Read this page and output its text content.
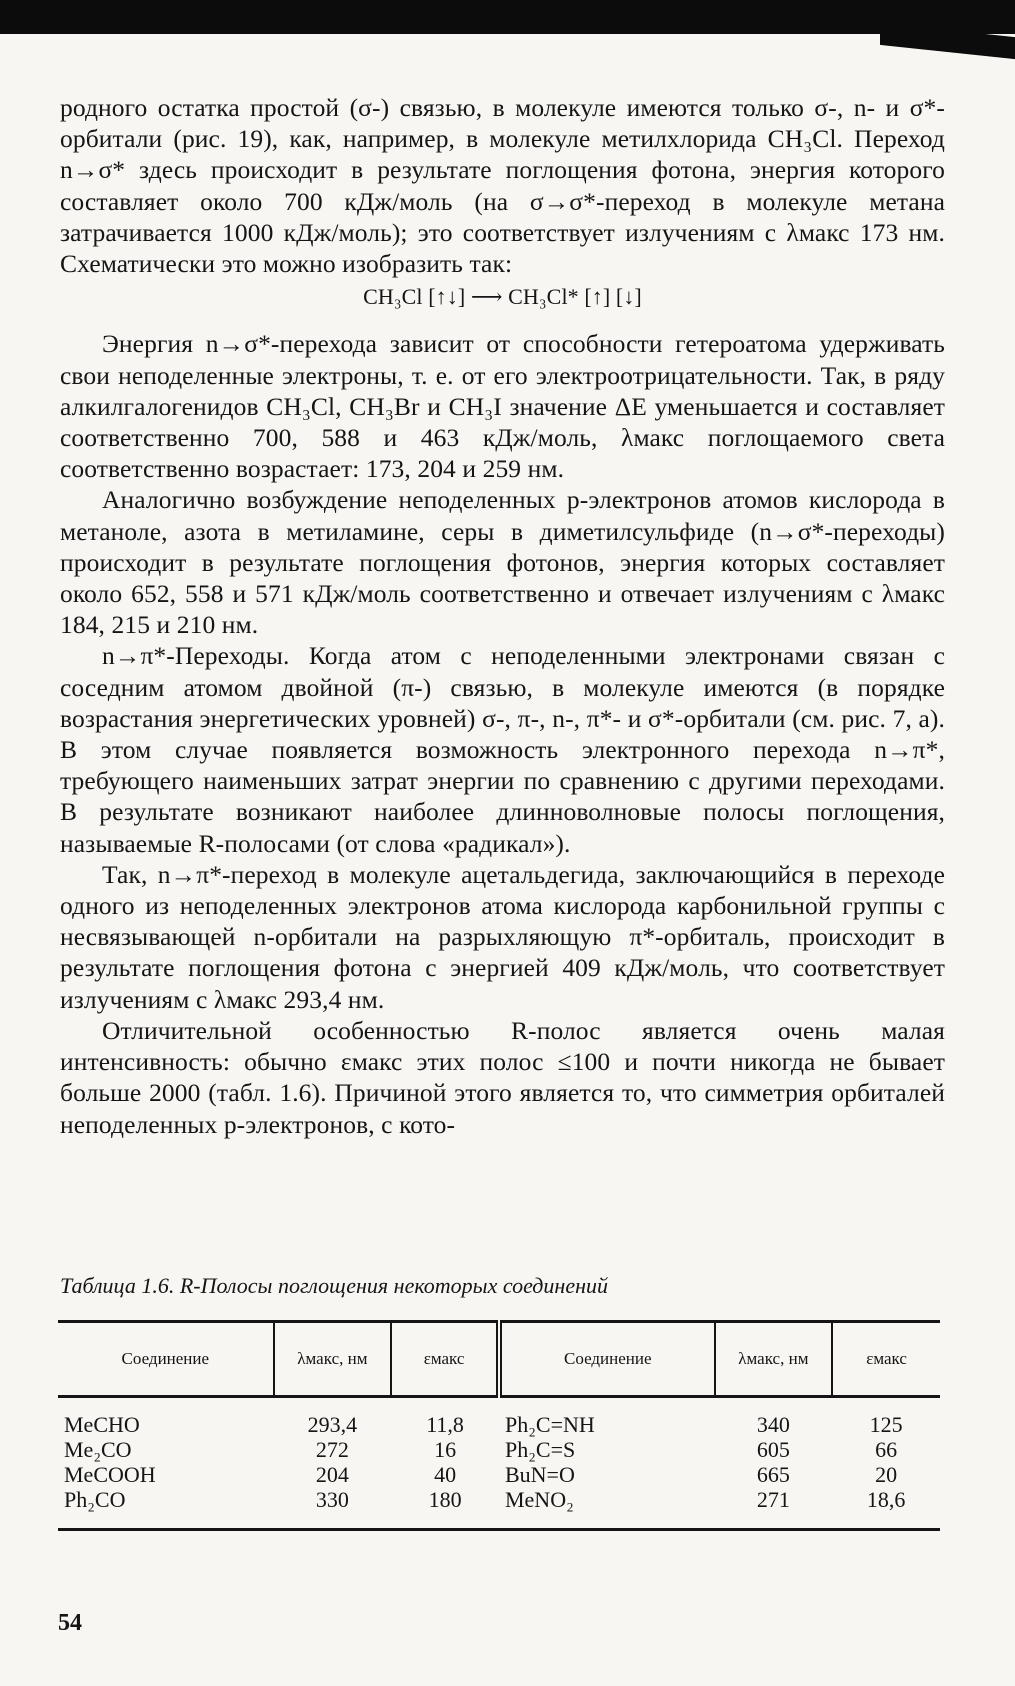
родного остатка простой (σ-) связью, в молекуле имеются только σ-, n- и σ*-орбитали (рис. 19), как, например, в молекуле метилхлорида CH₃Cl. Переход n→σ* здесь происходит в результате поглощения фотона, энергия которого составляет около 700 кДж/моль (на σ→σ*-переход в молекуле метана затрачивается 1000 кДж/моль); это соответствует излучениям с λмакс 173 нм. Схематически это можно изобразить так:

CH₃Cl [↑↓] ⟶ CH₃Cl* [↑] [↓]

Энергия n→σ*-перехода зависит от способности гетероатома удерживать свои неподеленные электроны, т. е. от его электроотрицательности. Так, в ряду алкилгалогенидов CH₃Cl, CH₃Br и CH₃I значение ΔE уменьшается и составляет соответственно 700, 588 и 463 кДж/моль, λмакс поглощаемого света соответственно возрастает: 173, 204 и 259 нм.

Аналогично возбуждение неподеленных p-электронов атомов кислорода в метаноле, азота в метиламине, серы в диметилсульфиде (n→σ*-переходы) происходит в результате поглощения фотонов, энергия которых составляет около 652, 558 и 571 кДж/моль соответственно и отвечает излучениям с λмакс 184, 215 и 210 нм.

n→π*-Переходы. Когда атом с неподеленными электронами связан с соседним атомом двойной (π-) связью, в молекуле имеются (в порядке возрастания энергетических уровней) σ-, π-, n-, π*- и σ*-орбитали (см. рис. 7, а). В этом случае появляется возможность электронного перехода n→π*, требующего наименьших затрат энергии по сравнению с другими переходами. В результате возникают наиболее длинноволновые полосы поглощения, называемые R-полосами (от слова «радикал»).

Так, n→π*-переход в молекуле ацетальдегида, заключающийся в переходе одного из неподеленных электронов атома кислорода карбонильной группы с несвязывающей n-орбитали на разрыхляющую π*-орбиталь, происходит в результате поглощения фотона с энергией 409 кДж/моль, что соответствует излучениям с λмакс 293,4 нм.

Отличительной особенностью R-полос является очень малая интенсивность: обычно εмакс этих полос ≤100 и почти никогда не бывает больше 2000 (табл. 1.6). Причиной этого является то, что симметрия орбиталей неподеленных p-электронов, с кото-

Таблица 1.6. R-Полосы поглощения некоторых соединений
Соединение	λмакс, нм	εмакс	Соединение	λмакс, нм	εмакс
MeCHO	293,4	11,8	Ph₂C=NH	340	125
Me₂CO	272	16	Ph₂C=S	605	66
MeCOOH	204	40	BuN=O	665	20
Ph₂CO	330	180	MeNO₂	271	18,6
54
